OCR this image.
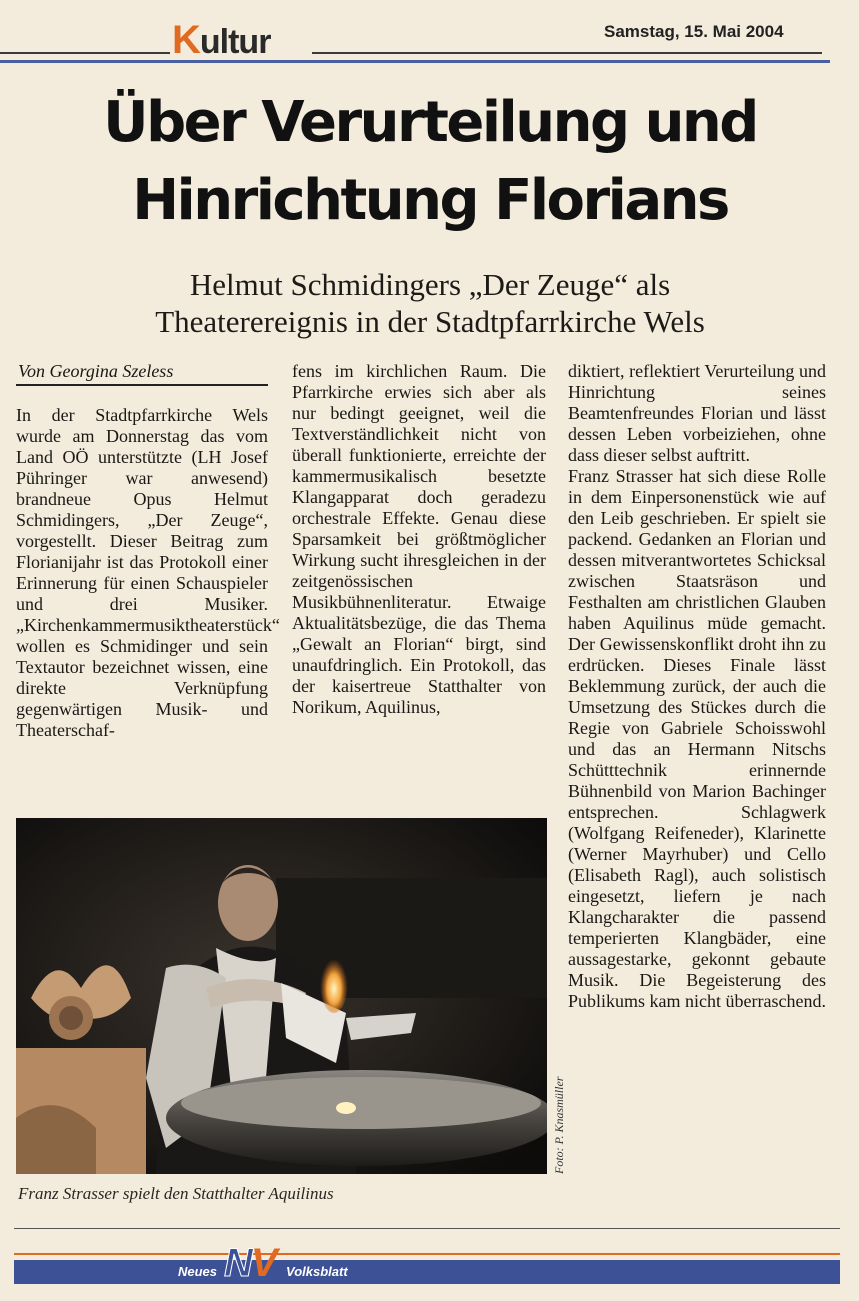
Kultur	Samstag, 15. Mai 2004
Über Verurteilung und
Hinrichtung Florians
Helmut Schmidingers „Der Zeuge“ als
Theaterereignis in der Stadtpfarrkirche Wels
Von Georgina Szeless

In der Stadtpfarrkirche Wels wurde am Donnerstag das vom Land OÖ unterstützte (LH Josef Pühringer war anwesend) brandneue Opus Helmut Schmidingers, „Der Zeuge“, vorgestellt. Dieser Beitrag zum Florianijahr ist das Protokoll einer Erinnerung für einen Schauspieler und drei Musiker. „Kirchenkammermusiktheaterstück“ wollen es Schmidinger und sein Textautor bezeichnet wissen, eine direkte Verknüpfung gegenwärtigen Musik- und Theaterschaf-

fens im kirchlichen Raum. Die Pfarrkirche erwies sich aber als nur bedingt geeignet, weil die Textverständlichkeit nicht von überall funktionierte, erreichte der kammermusikalisch besetzte Klangapparat doch geradezu orchestrale Effekte. Genau diese Sparsamkeit bei größtmöglicher Wirkung sucht ihresgleichen in der zeitgenössischen Musikbühnenliteratur. Etwaige Aktualitätsbezüge, die das Thema „Gewalt an Florian“ birgt, sind unaufdringlich. Ein Protokoll, das der kaisertreue Statthalter von Norikum, Aquilinus,

diktiert, reflektiert Verurteilung und Hinrichtung seines Beamtenfreundes Florian und lässt dessen Leben vorbeiziehen, ohne dass dieser selbst auftritt.

Franz Strasser hat sich diese Rolle in dem Einpersonenstück wie auf den Leib geschrieben. Er spielt sie packend. Gedanken an Florian und dessen mitverantwortetes Schicksal zwischen Staatsräson und Festhalten am christlichen Glauben haben Aquilinus müde gemacht. Der Gewissenskonflikt droht ihn zu erdrücken. Dieses Finale lässt Beklemmung zurück, der auch die Umsetzung des Stückes durch die Regie von Gabriele Schoisswohl und das an Hermann Nitschs Schütttechnik erinnernde Bühnenbild von Marion Bachinger entsprechen. Schlagwerk (Wolfgang Reifeneder), Klarinette (Werner Mayrhuber) und Cello (Elisabeth Ragl), auch solistisch eingesetzt, liefern je nach Klangcharakter die passend temperierten Klangbäder, eine aussagestarke, gekonnt gebaute Musik. Die Begeisterung des Publikums kam nicht überraschend.

Foto: P. Knasmüller
Franz Strasser spielt den Statthalter Aquilinus
Neues NV Volksblatt
